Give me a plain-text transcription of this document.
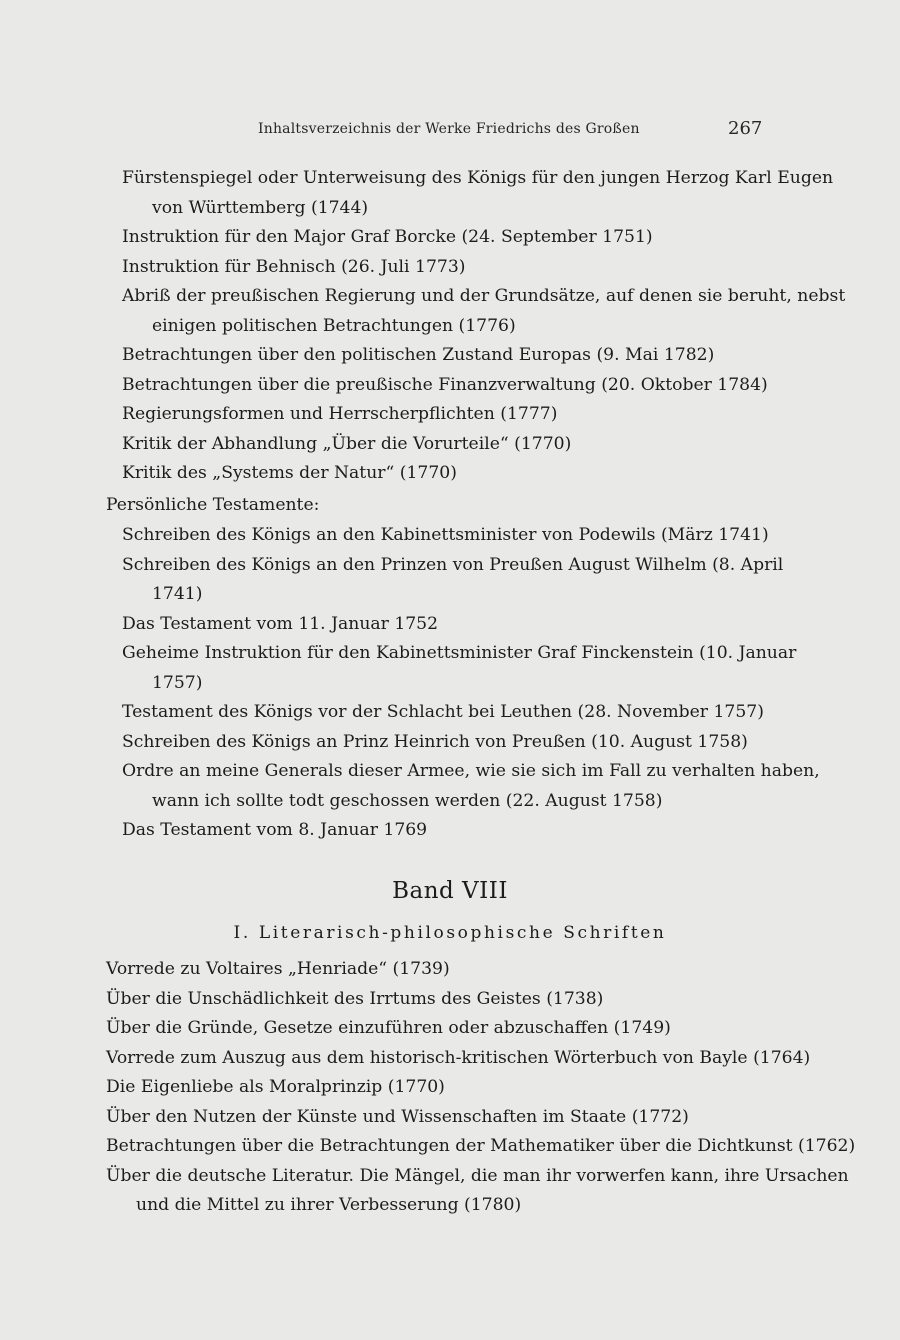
Inhaltsverzeichnis der Werke Friedrichs des Großen	267
Fürstenspiegel oder Unterweisung des Königs für den jungen Herzog Karl Eugen
von Württemberg (1744)
Instruktion für den Major Graf Borcke (24. September 1751)
Instruktion für Behnisch (26. Juli 1773)
Abriß der preußischen Regierung und der Grundsätze, auf denen sie beruht, nebst
einigen politischen Betrachtungen (1776)
Betrachtungen über den politischen Zustand Europas (9. Mai 1782)
Betrachtungen über die preußische Finanzverwaltung (20. Oktober 1784)
Regierungsformen und Herrscherpflichten (1777)
Kritik der Abhandlung „Über die Vorurteile“ (1770)
Kritik des „Systems der Natur“ (1770)
Persönliche Testamente:
Schreiben des Königs an den Kabinettsminister von Podewils (März 1741)
Schreiben des Königs an den Prinzen von Preußen August Wilhelm (8. April
1741)
Das Testament vom 11. Januar 1752
Geheime Instruktion für den Kabinettsminister Graf Finckenstein (10. Januar
1757)
Testament des Königs vor der Schlacht bei Leuthen (28. November 1757)
Schreiben des Königs an Prinz Heinrich von Preußen (10. August 1758)
Ordre an meine Generals dieser Armee, wie sie sich im Fall zu verhalten haben,
wann ich sollte todt geschossen werden (22. August 1758)
Das Testament vom 8. Januar 1769
Band VIII
I. Literarisch-philosophische Schriften
Vorrede zu Voltaires „Henriade“ (1739)
Über die Unschädlichkeit des Irrtums des Geistes (1738)
Über die Gründe, Gesetze einzuführen oder abzuschaffen (1749)
Vorrede zum Auszug aus dem historisch-kritischen Wörterbuch von Bayle (1764)
Die Eigenliebe als Moralprinzip (1770)
Über den Nutzen der Künste und Wissenschaften im Staate (1772)
Betrachtungen über die Betrachtungen der Mathematiker über die Dichtkunst (1762)
Über die deutsche Literatur. Die Mängel, die man ihr vorwerfen kann, ihre Ursachen
und die Mittel zu ihrer Verbesserung (1780)
